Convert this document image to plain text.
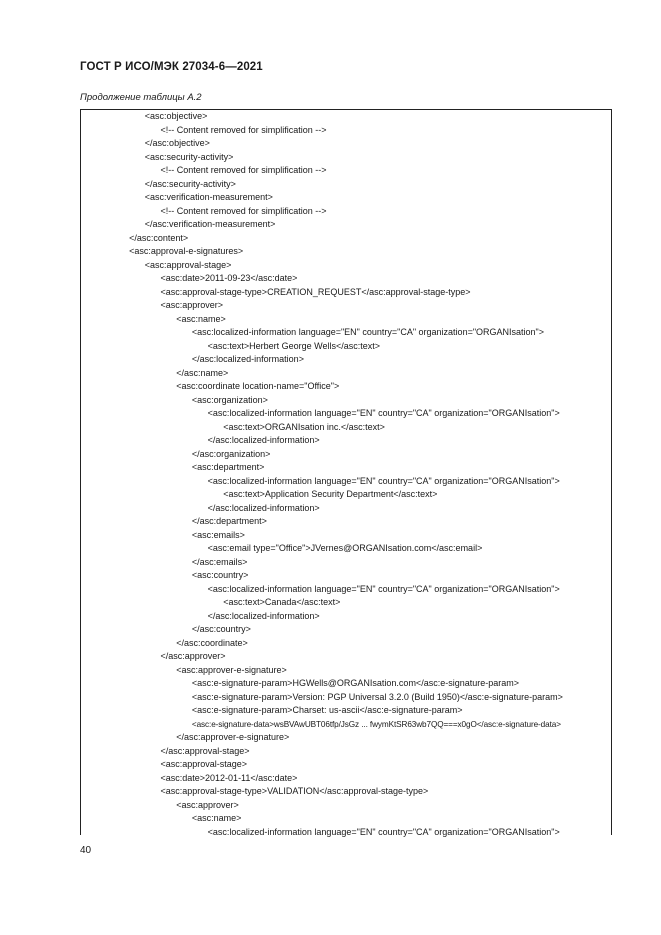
ГОСТ Р ИСО/МЭК 27034-6—2021
Продолжение таблицы А.2
<asc:objective>
<!-- Content removed for simplification -->
</asc:objective>
<asc:security-activity>
<!-- Content removed for simplification -->
</asc:security-activity>
<asc:verification-measurement>
<!-- Content removed for simplification -->
</asc:verification-measurement>
</asc:content>
<asc:approval-e-signatures>
<asc:approval-stage>
<asc:date>2011-09-23</asc:date>
<asc:approval-stage-type>CREATION_REQUEST</asc:approval-stage-type>
<asc:approver>
<asc:name>
<asc:localized-information language="EN" country="CA" organization="ORGANIsation">
<asc:text>Herbert George Wells</asc:text>
</asc:localized-information>
</asc:name>
<asc:coordinate location-name="Office">
<asc:organization>
<asc:localized-information language="EN" country="CA" organization="ORGANIsation">
<asc:text>ORGANIsation inc.</asc:text>
</asc:localized-information>
</asc:organization>
<asc:department>
<asc:localized-information language="EN" country="CA" organization="ORGANIsation">
<asc:text>Application Security Department</asc:text>
</asc:localized-information>
</asc:department>
<asc:emails>
<asc:email type="Office">JVernes@ORGANIsation.com</asc:email>
</asc:emails>
<asc:country>
<asc:localized-information language="EN" country="CA" organization="ORGANIsation">
<asc:text>Canada</asc:text>
</asc:localized-information>
</asc:country>
</asc:coordinate>
</asc:approver>
<asc:approver-e-signature>
<asc:e-signature-param>HGWells@ORGANIsation.com</asc:e-signature-param>
<asc:e-signature-param>Version: PGP Universal 3.2.0 (Build 1950)</asc:e-signature-param>
<asc:e-signature-param>Charset: us-ascii</asc:e-signature-param>
<asc:e-signature-data>wsBVAwUBT06tfp/JsGz ... fwymKtSR63wb7QQ===x0gO</asc:e-signature-data>
</asc:approver-e-signature>
</asc:approval-stage>
<asc:approval-stage>
<asc:date>2012-01-11</asc:date>
<asc:approval-stage-type>VALIDATION</asc:approval-stage-type>
<asc:approver>
<asc:name>
<asc:localized-information language="EN" country="CA" organization="ORGANIsation">
40
